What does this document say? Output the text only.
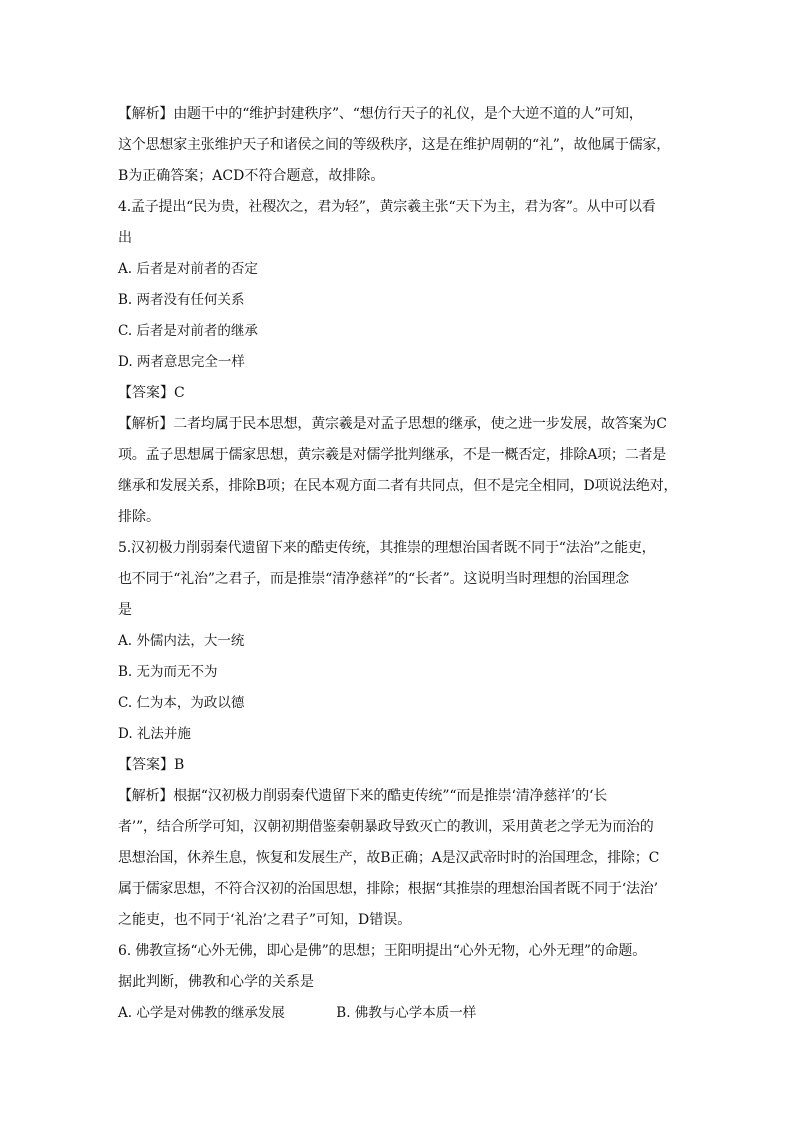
【解析】由题干中的“维护封建秩序”、“想仿行天子的礼仪，是个大逆不道的人”可知，
这个思想家主张维护天子和诸侯之间的等级秩序，这是在维护周朝的“礼”，故他属于儒家，
B为正确答案；ACD不符合题意，故排除。
4.孟子提出“民为贵，社稷次之，君为轻”，黄宗羲主张“天下为主，君为客”。从中可以看
出
A. 后者是对前者的否定
B. 两者没有任何关系
C. 后者是对前者的继承
D. 两者意思完全一样
【答案】C
【解析】二者均属于民本思想，黄宗羲是对孟子思想的继承，使之进一步发展，故答案为C
项。孟子思想属于儒家思想，黄宗羲是对儒学批判继承，不是一概否定，排除A项；二者是
继承和发展关系，排除B项；在民本观方面二者有共同点，但不是完全相同，D项说法绝对，
排除。
5.汉初极力削弱秦代遗留下来的酷吏传统，其推崇的理想治国者既不同于“法治”之能吏，
也不同于“礼治”之君子，而是推崇“清净慈祥”的“长者”。这说明当时理想的治国理念
是
A. 外儒内法，大一统
B. 无为而无不为
C. 仁为本，为政以德
D. 礼法并施
【答案】B
【解析】根据“汉初极力削弱秦代遗留下来的酷吏传统”“而是推崇‘清净慈祥’的‘长
者’”，结合所学可知，汉朝初期借鉴秦朝暴政导致灭亡的教训，采用黄老之学无为而治的
思想治国，休养生息，恢复和发展生产，故B正确；A是汉武帝时时的治国理念，排除；C
属于儒家思想，不符合汉初的治国思想，排除；根据“其推崇的理想治国者既不同于‘法治’
之能吏，也不同于‘礼治’之君子”可知，D错误。
6. 佛教宣扬“心外无佛，即心是佛”的思想；王阳明提出“心外无物，心外无理”的命题。
据此判断，佛教和心学的关系是
A. 心学是对佛教的继承发展	B. 佛教与心学本质一样
